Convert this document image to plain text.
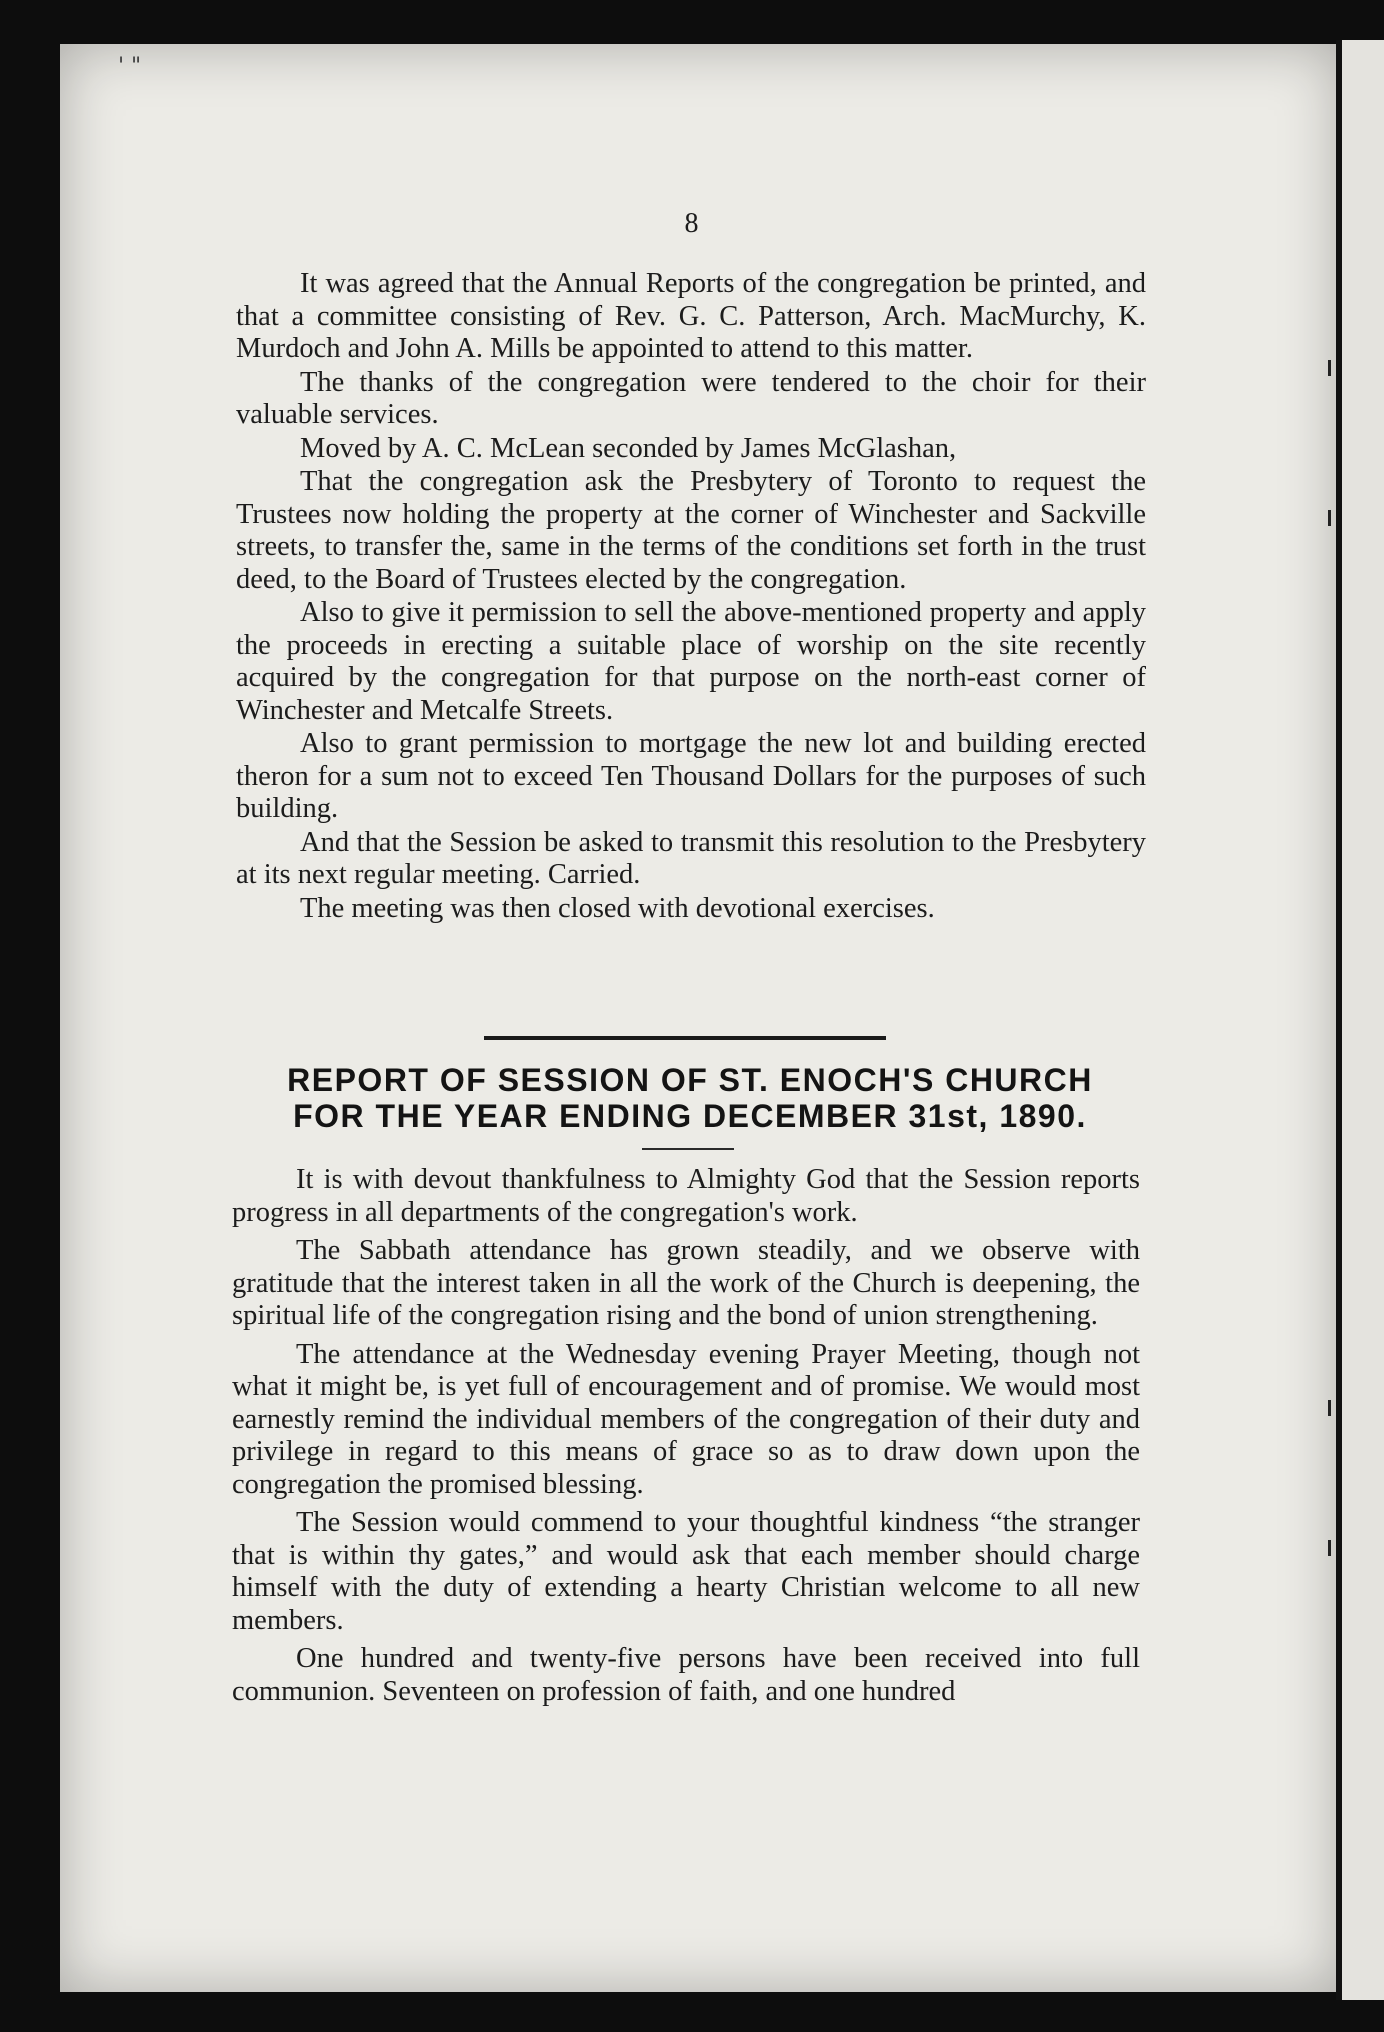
' "
8

It was agreed that the Annual Reports of the congregation be printed, and that a committee consisting of Rev. G. C. Patterson, Arch. MacMurchy, K. Murdoch and John A. Mills be appointed to attend to this matter.

The thanks of the congregation were tendered to the choir for their valuable services.

Moved by A. C. McLean seconded by James McGlashan,

That the congregation ask the Presbytery of Toronto to request the Trustees now holding the property at the corner of Winchester and Sackville streets, to transfer the, same in the terms of the conditions set forth in the trust deed, to the Board of Trustees elected by the congregation.

Also to give it permission to sell the above-mentioned property and apply the proceeds in erecting a suitable place of worship on the site recently acquired by the congregation for that purpose on the north-east corner of Winchester and Metcalfe Streets.

Also to grant permission to mortgage the new lot and building erected theron for a sum not to exceed Ten Thousand Dollars for the purposes of such building.

And that the Session be asked to transmit this resolution to the Presbytery at its next regular meeting. Carried.

The meeting was then closed with devotional exercises.

REPORT OF SESSION OF ST. ENOCH'S CHURCH
FOR THE YEAR ENDING DECEMBER 31st, 1890.

It is with devout thankfulness to Almighty God that the Session reports progress in all departments of the congregation's work.

The Sabbath attendance has grown steadily, and we observe with gratitude that the interest taken in all the work of the Church is deepening, the spiritual life of the congregation rising and the bond of union strengthening.

The attendance at the Wednesday evening Prayer Meeting, though not what it might be, is yet full of encouragement and of promise. We would most earnestly remind the individual members of the congregation of their duty and privilege in regard to this means of grace so as to draw down upon the congregation the promised blessing.

The Session would commend to your thoughtful kindness “the stranger that is within thy gates,” and would ask that each member should charge himself with the duty of extending a hearty Christian welcome to all new members.

One hundred and twenty-five persons have been received into full communion. Seventeen on profession of faith, and one hundred
